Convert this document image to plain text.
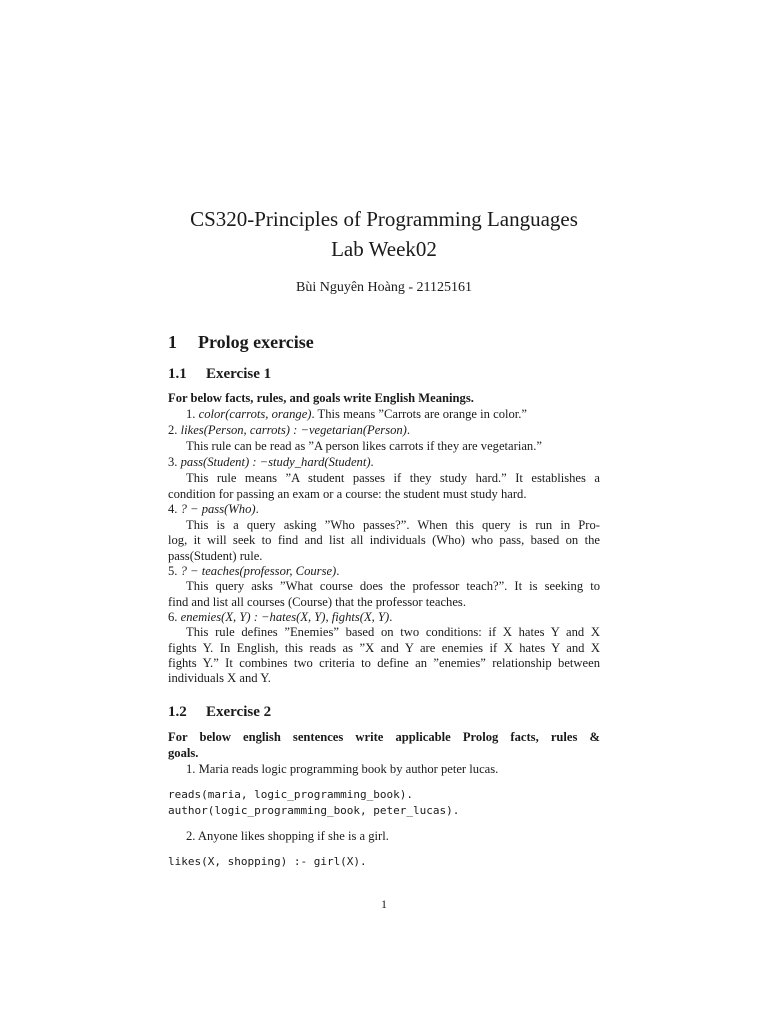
CS320-Principles of Programming Languages
Lab Week02
Bùi Nguyên Hoàng - 21125161
1 Prolog exercise
1.1 Exercise 1
For below facts, rules, and goals write English Meanings.
1. color(carrots, orange). This means ”Carrots are orange in color.”
2. likes(Person, carrots) : −vegetarian(Person).
This rule can be read as ”A person likes carrots if they are vegetarian.”
3. pass(Student) : −study_hard(Student).
This rule means ”A student passes if they study hard.” It establishes a
condition for passing an exam or a course: the student must study hard.
4. ? − pass(Who).
This is a query asking ”Who passes?”. When this query is run in Pro-
log, it will seek to find and list all individuals (Who) who pass, based on the
pass(Student) rule.
5. ? − teaches(professor, Course).
This query asks ”What course does the professor teach?”. It is seeking to
find and list all courses (Course) that the professor teaches.
6. enemies(X, Y) : −hates(X, Y), fights(X, Y).
This rule defines ”Enemies” based on two conditions: if X hates Y and X
fights Y. In English, this reads as ”X and Y are enemies if X hates Y and X
fights Y.” It combines two criteria to define an ”enemies” relationship between
individuals X and Y.
1.2 Exercise 2
For below english sentences write applicable Prolog facts, rules &
goals.
1. Maria reads logic programming book by author peter lucas.
reads(maria, logic_programming_book).
author(logic_programming_book, peter_lucas).
2. Anyone likes shopping if she is a girl.
likes(X, shopping) :- girl(X).
1
